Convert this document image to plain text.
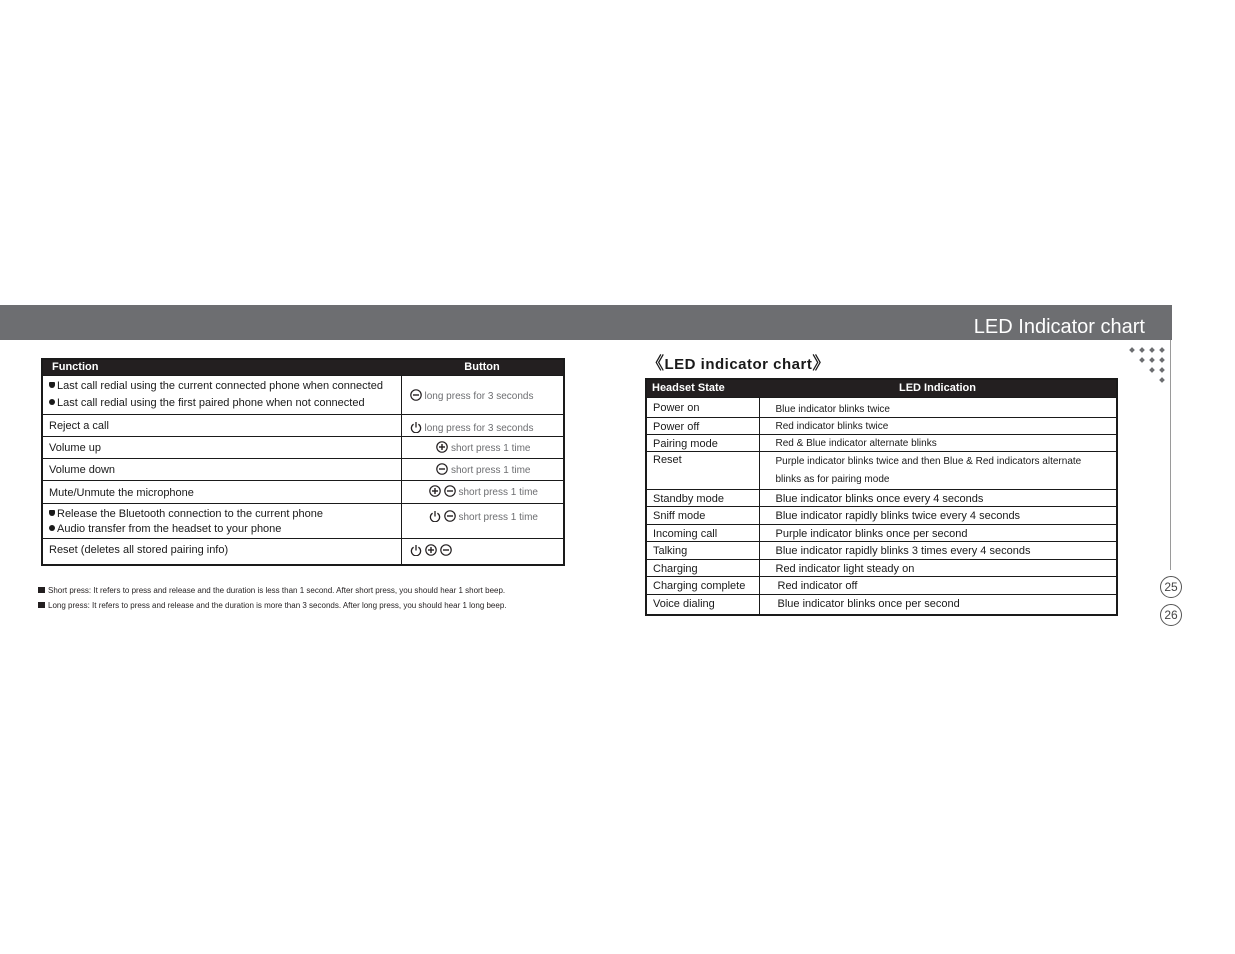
LED Indicator chart
25
26
Function	Button

Last call redial using the current connected phone when connected
Last call redial using the first paired phone when not connected	long press for 3 seconds
Reject a call	long press for 3 seconds
Volume up	short press 1 time
Volume down	short press 1 time
Mute/Unmute the microphone	short press 1 time

Release the Bluetooth connection to the current phone
Audio transfer from the headset to your phone	short press 1 time
Reset (deletes all stored pairing info)	
Short press: It refers to press and release and the duration is less than 1 second. After short press, you should hear 1 short beep.
Long press: It refers to press and release and the duration is more than 3 seconds. After long press, you should hear 1 long beep.
《LED indicator chart》
Headset State	LED Indication
Power on	Blue indicator blinks twice
Power off	Red indicator blinks twice
Pairing mode	Red & Blue indicator alternate blinks
Reset	Purple indicator blinks twice and then Blue & Red indicators alternate
blinks as for pairing mode

Standby mode	Blue indicator blinks once every 4 seconds
Sniff mode	Blue indicator rapidly blinks twice every 4 seconds
Incoming call	Purple indicator blinks once per second
Talking	Blue indicator rapidly blinks 3 times every 4 seconds
Charging	Red indicator light steady on
Charging complete	Red indicator off
Voice dialing	Blue indicator blinks once per second
